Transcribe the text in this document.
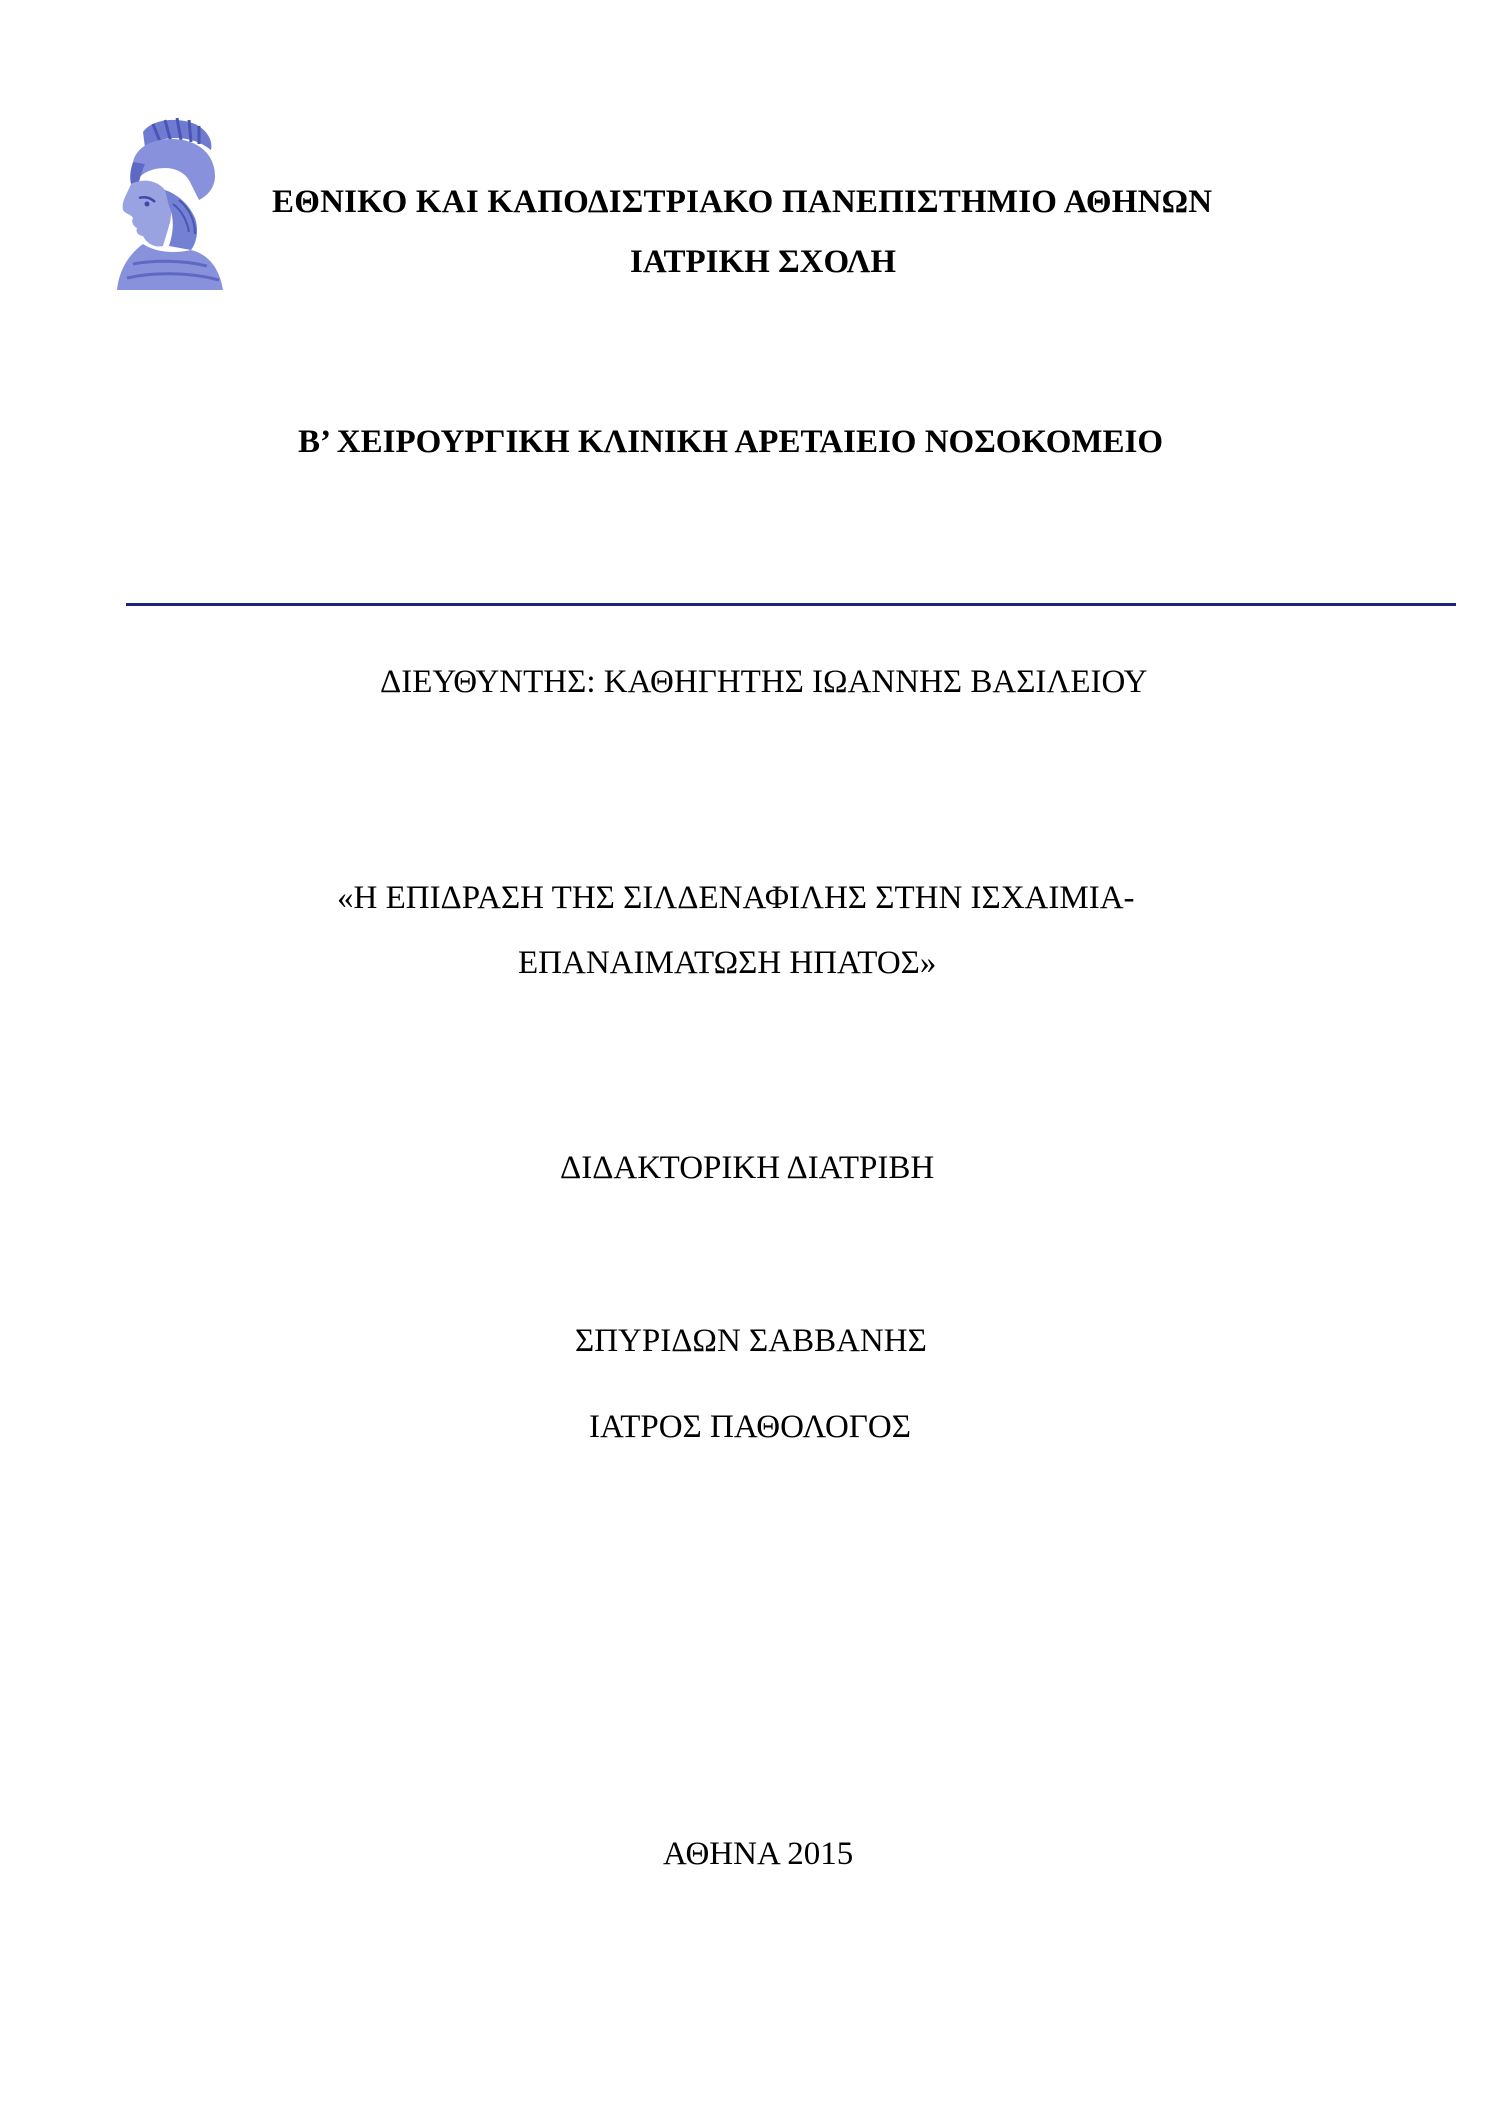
ΕΘΝΙΚΟ ΚΑΙ ΚΑΠΟΔΙΣΤΡΙΑΚΟ ΠΑΝΕΠΙΣΤΗΜΙΟ ΑΘΗΝΩΝ
ΙΑΤΡΙΚΗ ΣΧΟΛΗ
Β’ ΧΕΙΡΟΥΡΓΙΚΗ ΚΛΙΝΙΚΗ ΑΡΕΤΑΙΕΙΟ ΝΟΣΟΚΟΜΕΙΟ
ΔΙΕΥΘΥΝΤΗΣ: ΚΑΘΗΓΗΤΗΣ ΙΩΑΝΝΗΣ ΒΑΣΙΛΕΙΟΥ
«Η ΕΠΙΔΡΑΣΗ ΤΗΣ ΣΙΛΔΕΝΑΦΙΛΗΣ ΣΤΗΝ ΙΣΧΑΙΜΙΑ-
ΕΠΑΝΑΙΜΑΤΩΣΗ ΗΠΑΤΟΣ»
ΔΙΔΑΚΤΟΡΙΚΗ ΔΙΑΤΡΙΒΗ
ΣΠΥΡΙΔΩΝ ΣΑΒΒΑΝΗΣ
ΙΑΤΡΟΣ ΠΑΘΟΛΟΓΟΣ
ΑΘΗΝΑ 2015
